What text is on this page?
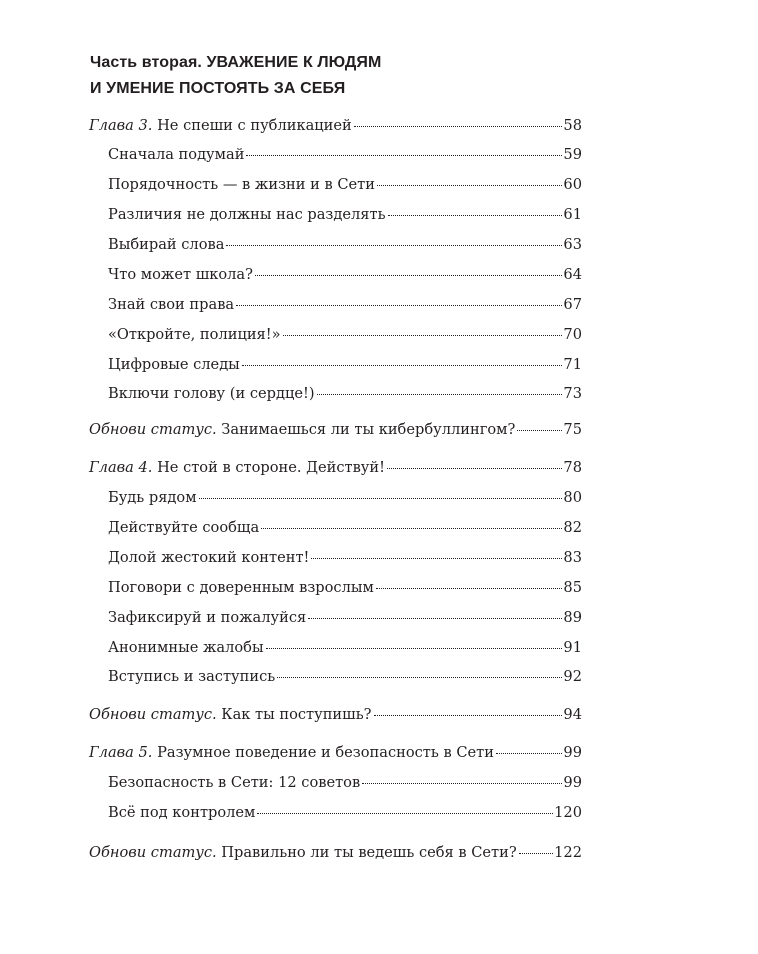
Часть вторая. УВАЖЕНИЕ К ЛЮДЯМ
И УМЕНИЕ ПОСТОЯТЬ ЗА СЕБЯ
Глава 3. Не спеши с публикацией	58
Сначала подумай	59
Порядочность — в жизни и в Сети	60
Различия не должны нас разделять	61
Выбирай слова	63
Что может школа?	64
Знай свои права	67
«Откройте, полиция!»	70
Цифровые следы	71
Включи голову (и сердце!)	73
Обнови статус. Занимаешься ли ты кибербуллингом?	75
Глава 4. Не стой в стороне. Действуй!	78
Будь рядом	80
Действуйте сообща	82
Долой жестокий контент!	83
Поговори с доверенным взрослым	85
Зафиксируй и пожалуйся	89
Анонимные жалобы	91
Вступись и заступись	92
Обнови статус. Как ты поступишь?	94
Глава 5. Разумное поведение и безопасность в Сети	99
Безопасность в Сети: 12 советов	99
Всё под контролем	120
Обнови статус. Правильно ли ты ведешь себя в Сети?	122
